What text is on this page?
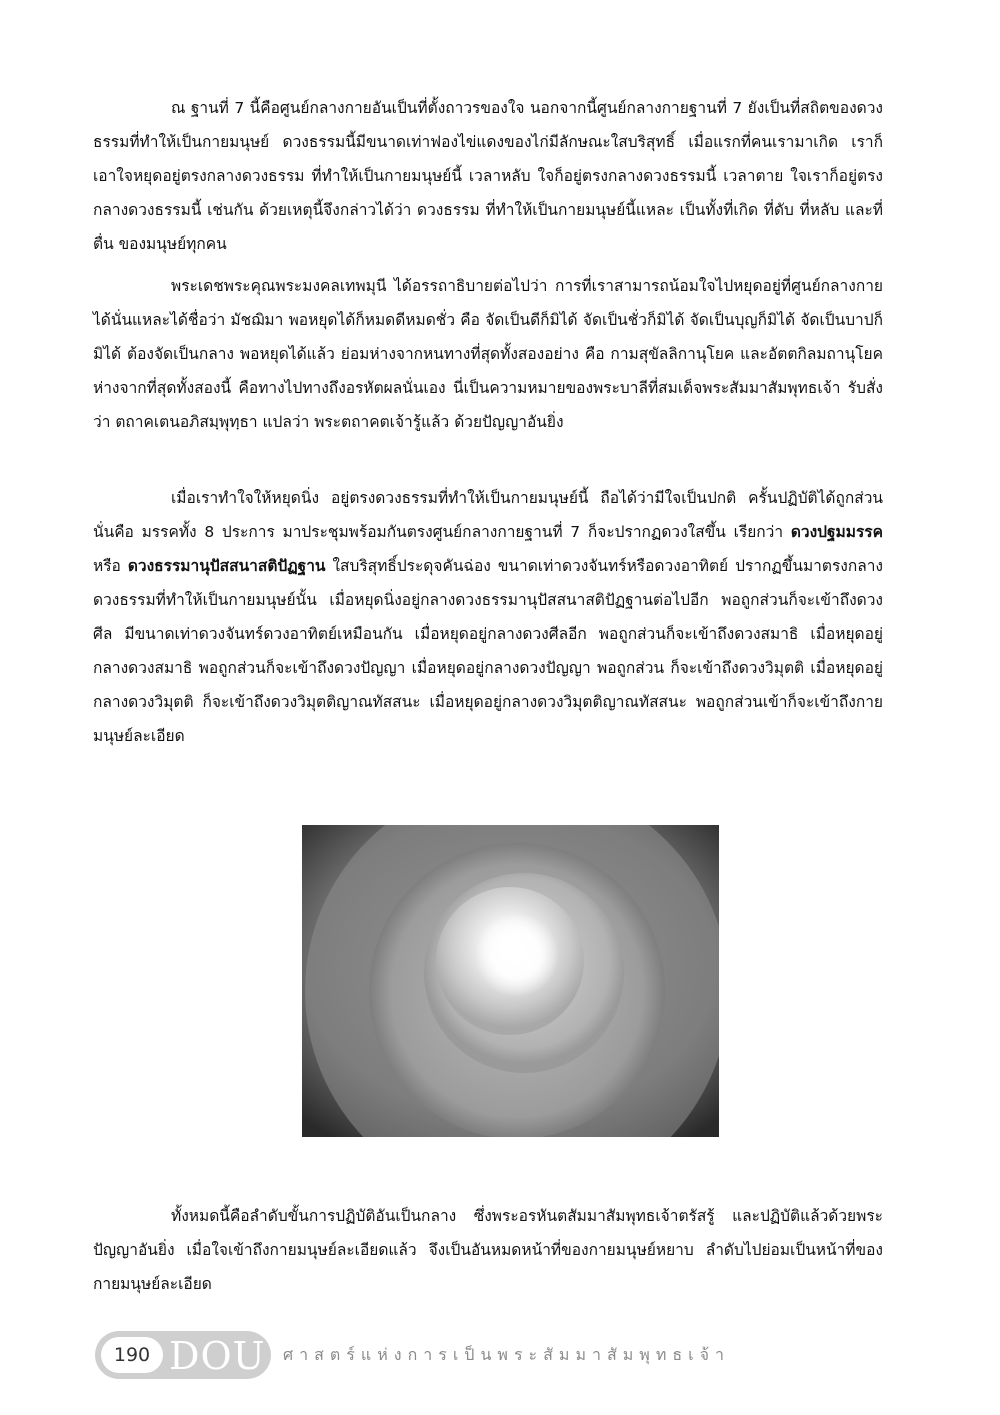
ณ ฐานที่ 7 นี้คือศูนย์กลางกายอันเป็นที่ตั้งถาวรของใจ นอกจากนี้ศูนย์กลางกายฐานที่ 7 ยังเป็นที่สถิตของดวงธรรมที่ทำให้เป็นกายมนุษย์ ดวงธรรมนี้มีขนาดเท่าฟองไข่แดงของไก่มีลักษณะใสบริสุทธิ์ เมื่อแรกที่คนเรามาเกิด เราก็เอาใจหยุดอยู่ตรงกลางดวงธรรม ที่ทำให้เป็นกายมนุษย์นี้ เวลาหลับ ใจก็อยู่ตรงกลางดวงธรรมนี้ เวลาตาย ใจเราก็อยู่ตรงกลางดวงธรรมนี้ เช่นกัน ด้วยเหตุนี้จึงกล่าวได้ว่า ดวงธรรม ที่ทำให้เป็นกายมนุษย์นี้แหละ เป็นทั้งที่เกิด ที่ดับ ที่หลับ และที่ตื่น ของมนุษย์ทุกคน

พระเดชพระคุณพระมงคลเทพมุนี ได้อรรถาธิบายต่อไปว่า การที่เราสามารถน้อมใจไปหยุดอยู่ที่ศูนย์กลางกายได้นั่นแหละได้ชื่อว่า มัชฌิมา พอหยุดได้ก็หมดดีหมดชั่ว คือ จัดเป็นดีก็มิได้ จัดเป็นชั่วก็มิได้ จัดเป็นบุญก็มิได้ จัดเป็นบาปก็มิได้ ต้องจัดเป็นกลาง พอหยุดได้แล้ว ย่อมห่างจากหนทางที่สุดทั้งสองอย่าง คือ กามสุขัลลิกานุโยค และอัตตกิลมถานุโยค ห่างจากที่สุดทั้งสองนี้ คือทางไปทางถึงอรหัตผลนั่นเอง นี่เป็นความหมายของพระบาลีที่สมเด็จพระสัมมาสัมพุทธเจ้า รับสั่งว่า ตถาคเตนอภิสมฺพุทฺธา แปลว่า พระตถาคตเจ้ารู้แล้ว ด้วยปัญญาอันยิ่ง

เมื่อเราทำใจให้หยุดนิ่ง อยู่ตรงดวงธรรมที่ทำให้เป็นกายมนุษย์นี้ ถือได้ว่ามีใจเป็นปกติ ครั้นปฏิบัติได้ถูกส่วน นั่นคือ มรรคทั้ง 8 ประการ มาประชุมพร้อมกันตรงศูนย์กลางกายฐานที่ 7 ก็จะปรากฏดวงใสขึ้น เรียกว่า ดวงปฐมมรรค หรือ ดวงธรรมานุปัสสนาสติปัฏฐาน ใสบริสุทธิ์ประดุจคันฉ่อง ขนาดเท่าดวงจันทร์หรือดวงอาทิตย์ ปรากฏขึ้นมาตรงกลางดวงธรรมที่ทำให้เป็นกายมนุษย์นั้น เมื่อหยุดนิ่งอยู่กลางดวงธรรมานุปัสสนาสติปัฏฐานต่อไปอีก พอถูกส่วนก็จะเข้าถึงดวงศีล มีขนาดเท่าดวงจันทร์ดวงอาทิตย์เหมือนกัน เมื่อหยุดอยู่กลางดวงศีลอีก พอถูกส่วนก็จะเข้าถึงดวงสมาธิ เมื่อหยุดอยู่กลางดวงสมาธิ พอถูกส่วนก็จะเข้าถึงดวงปัญญา เมื่อหยุดอยู่กลางดวงปัญญา พอถูกส่วน ก็จะเข้าถึงดวงวิมุตติ เมื่อหยุดอยู่กลางดวงวิมุตติ ก็จะเข้าถึงดวงวิมุตติญาณทัสสนะ เมื่อหยุดอยู่กลางดวงวิมุตติญาณทัสสนะ พอถูกส่วนเข้าก็จะเข้าถึงกายมนุษย์ละเอียด

ทั้งหมดนี้คือลำดับขั้นการปฏิบัติอันเป็นกลาง ซึ่งพระอรหันตสัมมาสัมพุทธเจ้าตรัสรู้ และปฏิบัติแล้วด้วยพระปัญญาอันยิ่ง เมื่อใจเข้าถึงกายมนุษย์ละเอียดแล้ว จึงเป็นอันหมดหน้าที่ของกายมนุษย์หยาบ ลำดับไปย่อมเป็นหน้าที่ของกายมนุษย์ละเอียด

190 DOU ศาสตร์แห่งการเป็นพระสัมมาสัมพุทธเจ้า
